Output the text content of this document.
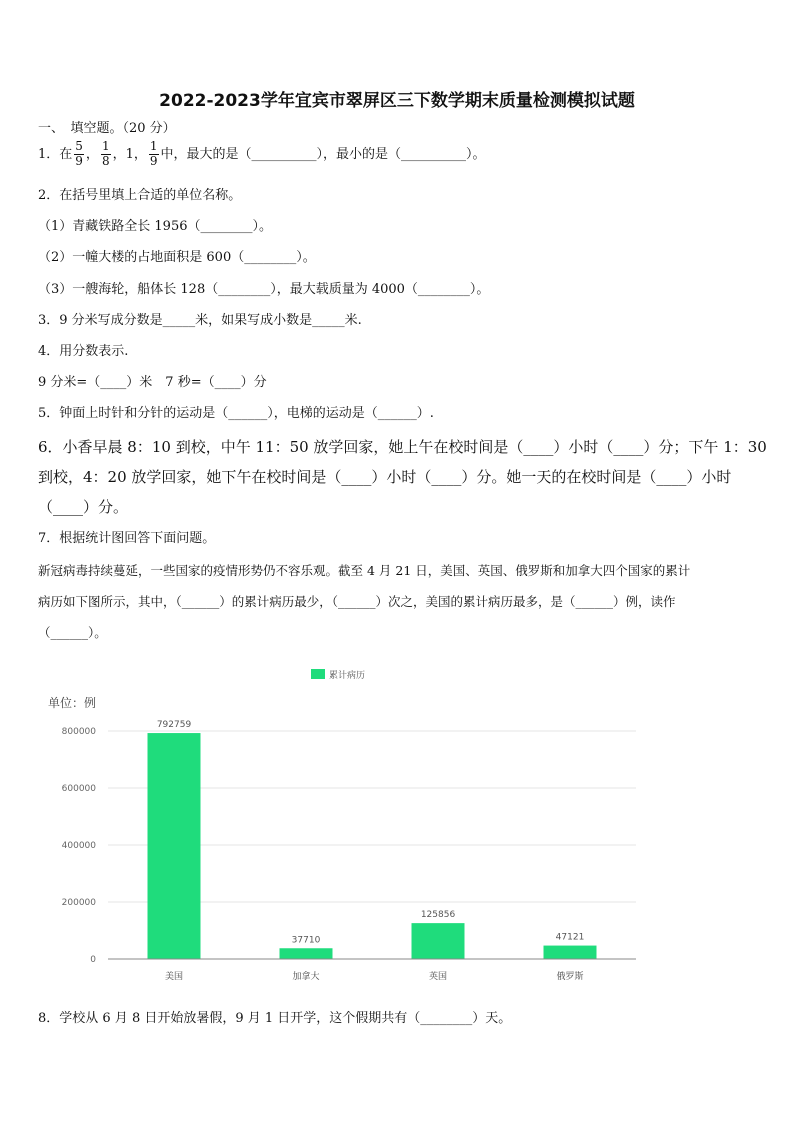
2022-2023学年宜宾市翠屏区三下数学期末质量检测模拟试题
一、　填空题。（20 分）
1．在 $\frac{5}{9}$ ， $\frac{1}{8}$ ，1， $\frac{1}{9}$ 中，最大的是（__________），最小的是（__________）。
2．在括号里填上合适的单位名称。
（1）青藏铁路全长 1956（________）。
（2）一幢大楼的占地面积是 600（________）。
（3）一艘海轮，船体长 128（________），最大载质量为 4000（________）。
3．9 分米写成分数是_____米，如果写成小数是_____米.
4．用分数表示.
9 分米=（____）米　7 秒=（____）分
5．钟面上时针和分针的运动是（______），电梯的运动是（______）.
6．小香早晨 8：10 到校，中午 11：50 放学回家，她上午在校时间是（____）小时（____）分；下午 1：30
到校，4：20 放学回家，她下午在校时间是（____）小时（____）分。她一天的在校时间是（____）小时
（____）分。
7．根据统计图回答下面问题。
新冠病毒持续蔓延，一些国家的疫情形势仍不容乐观。截至 4 月 21 日，美国、英国、俄罗斯和加拿大四个国家的累计
病历如下图所示，其中，（______）的累计病历最少，（______）次之，美国的累计病历最多，是（______）例，读作
（______）。
累计病历
单位：例
0
200000
400000
600000
800000
792759
37710
125856
47121
美国	加拿大	英国	俄罗斯
8．学校从 6 月 8 日开始放暑假，9 月 1 日开学，这个假期共有（________）天。
